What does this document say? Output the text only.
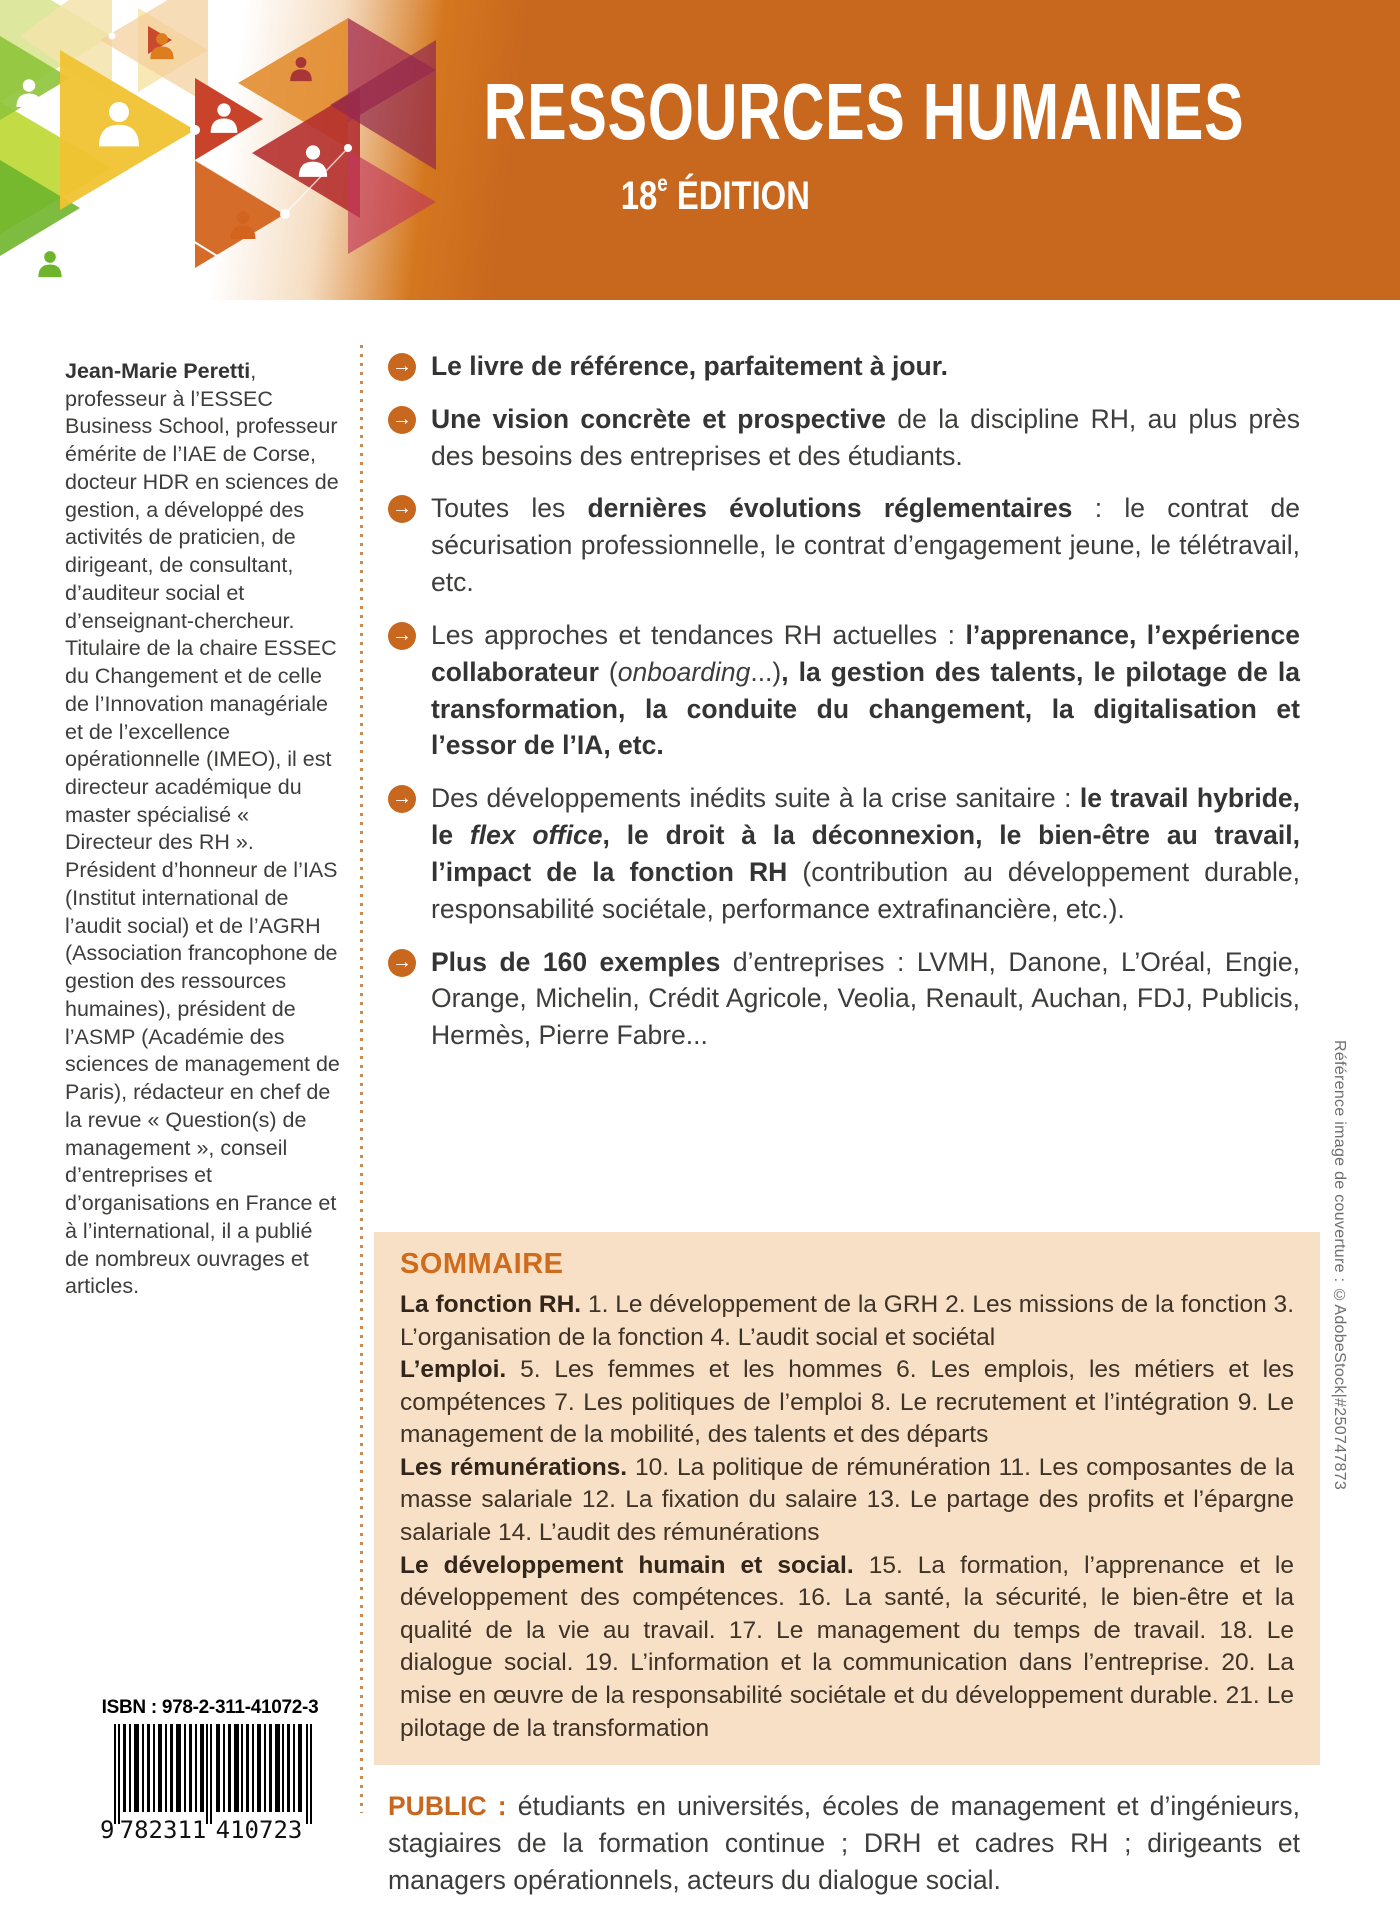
RESSOURCES HUMAINES
18e ÉDITION

Jean-Marie Peretti, professeur à l’ESSEC Business School, professeur émérite de l’IAE de Corse, docteur HDR en sciences de gestion, a développé des activités de praticien, de dirigeant, de consultant, d’auditeur social et d’enseignant-chercheur. Titulaire de la chaire ESSEC du Changement et de celle de l’Innovation managériale et de l’excellence opérationnelle (IMEO), il est directeur académique du master spécialisé « Directeur des RH ».

Président d’honneur de l’IAS (Institut international de l’audit social) et de l’AGRH (Association francophone de gestion des ressources humaines), président de l’ASMP (Académie des sciences de management de Paris), rédacteur en chef de la revue « Question(s) de management », conseil d’entreprises et d’organisations en France et à l’international, il a publié de nombreux ouvrages et articles.

→ Le livre de référence, parfaitement à jour.
→ Une vision concrète et prospective de la discipline RH, au plus près des besoins des entreprises et des étudiants.
→ Toutes les dernières évolutions réglementaires : le contrat de sécurisation professionnelle, le contrat d’engagement jeune, le télétravail, etc.
→ Les approches et tendances RH actuelles : l’apprenance, l’expérience collaborateur (onboarding...), la gestion des talents, le pilotage de la transformation, la conduite du changement, la digitalisation et l’essor de l’IA, etc.
→ Des développements inédits suite à la crise sanitaire : le travail hybride, le flex office, le droit à la déconnexion, le bien-être au travail, l’impact de la fonction RH (contribution au développement durable, responsabilité sociétale, performance extrafinancière, etc.).
→ Plus de 160 exemples d’entreprises : LVMH, Danone, L’Oréal, Engie, Orange, Michelin, Crédit Agricole, Veolia, Renault, Auchan, FDJ, Publicis, Hermès, Pierre Fabre...
SOMMAIRE

La fonction RH. 1. Le développement de la GRH 2. Les missions de la fonction 3. L’organisation de la fonction 4. L’audit social et sociétal

L’emploi. 5. Les femmes et les hommes 6. Les emplois, les métiers et les compétences 7. Les politiques de l’emploi 8. Le recrutement et l’intégration 9. Le management de la mobilité, des talents et des départs

Les rémunérations. 10. La politique de rémunération 11. Les composantes de la masse salariale 12. La fixation du salaire 13. Le partage des profits et l’épargne salariale 14. L’audit des rémunérations

Le développement humain et social. 15. La formation, l’apprenance et le développement des compétences. 16. La santé, la sécurité, le bien-être et la qualité de la vie au travail. 17. Le management du temps de travail. 18. Le dialogue social. 19. L’information et la communication dans l’entreprise. 20. La mise en œuvre de la responsabilité sociétale et du développement durable. 21. Le pilotage de la transformation

PUBLIC : étudiants en universités, écoles de management et d’ingénieurs, stagiaires de la formation continue ; DRH et cadres RH ; dirigeants et managers opérationnels, acteurs du dialogue social.
ISBN : 978-2-311-41072-3
9 782311 410723
Référence image de couverture : ©AdobeStock|#250747873
